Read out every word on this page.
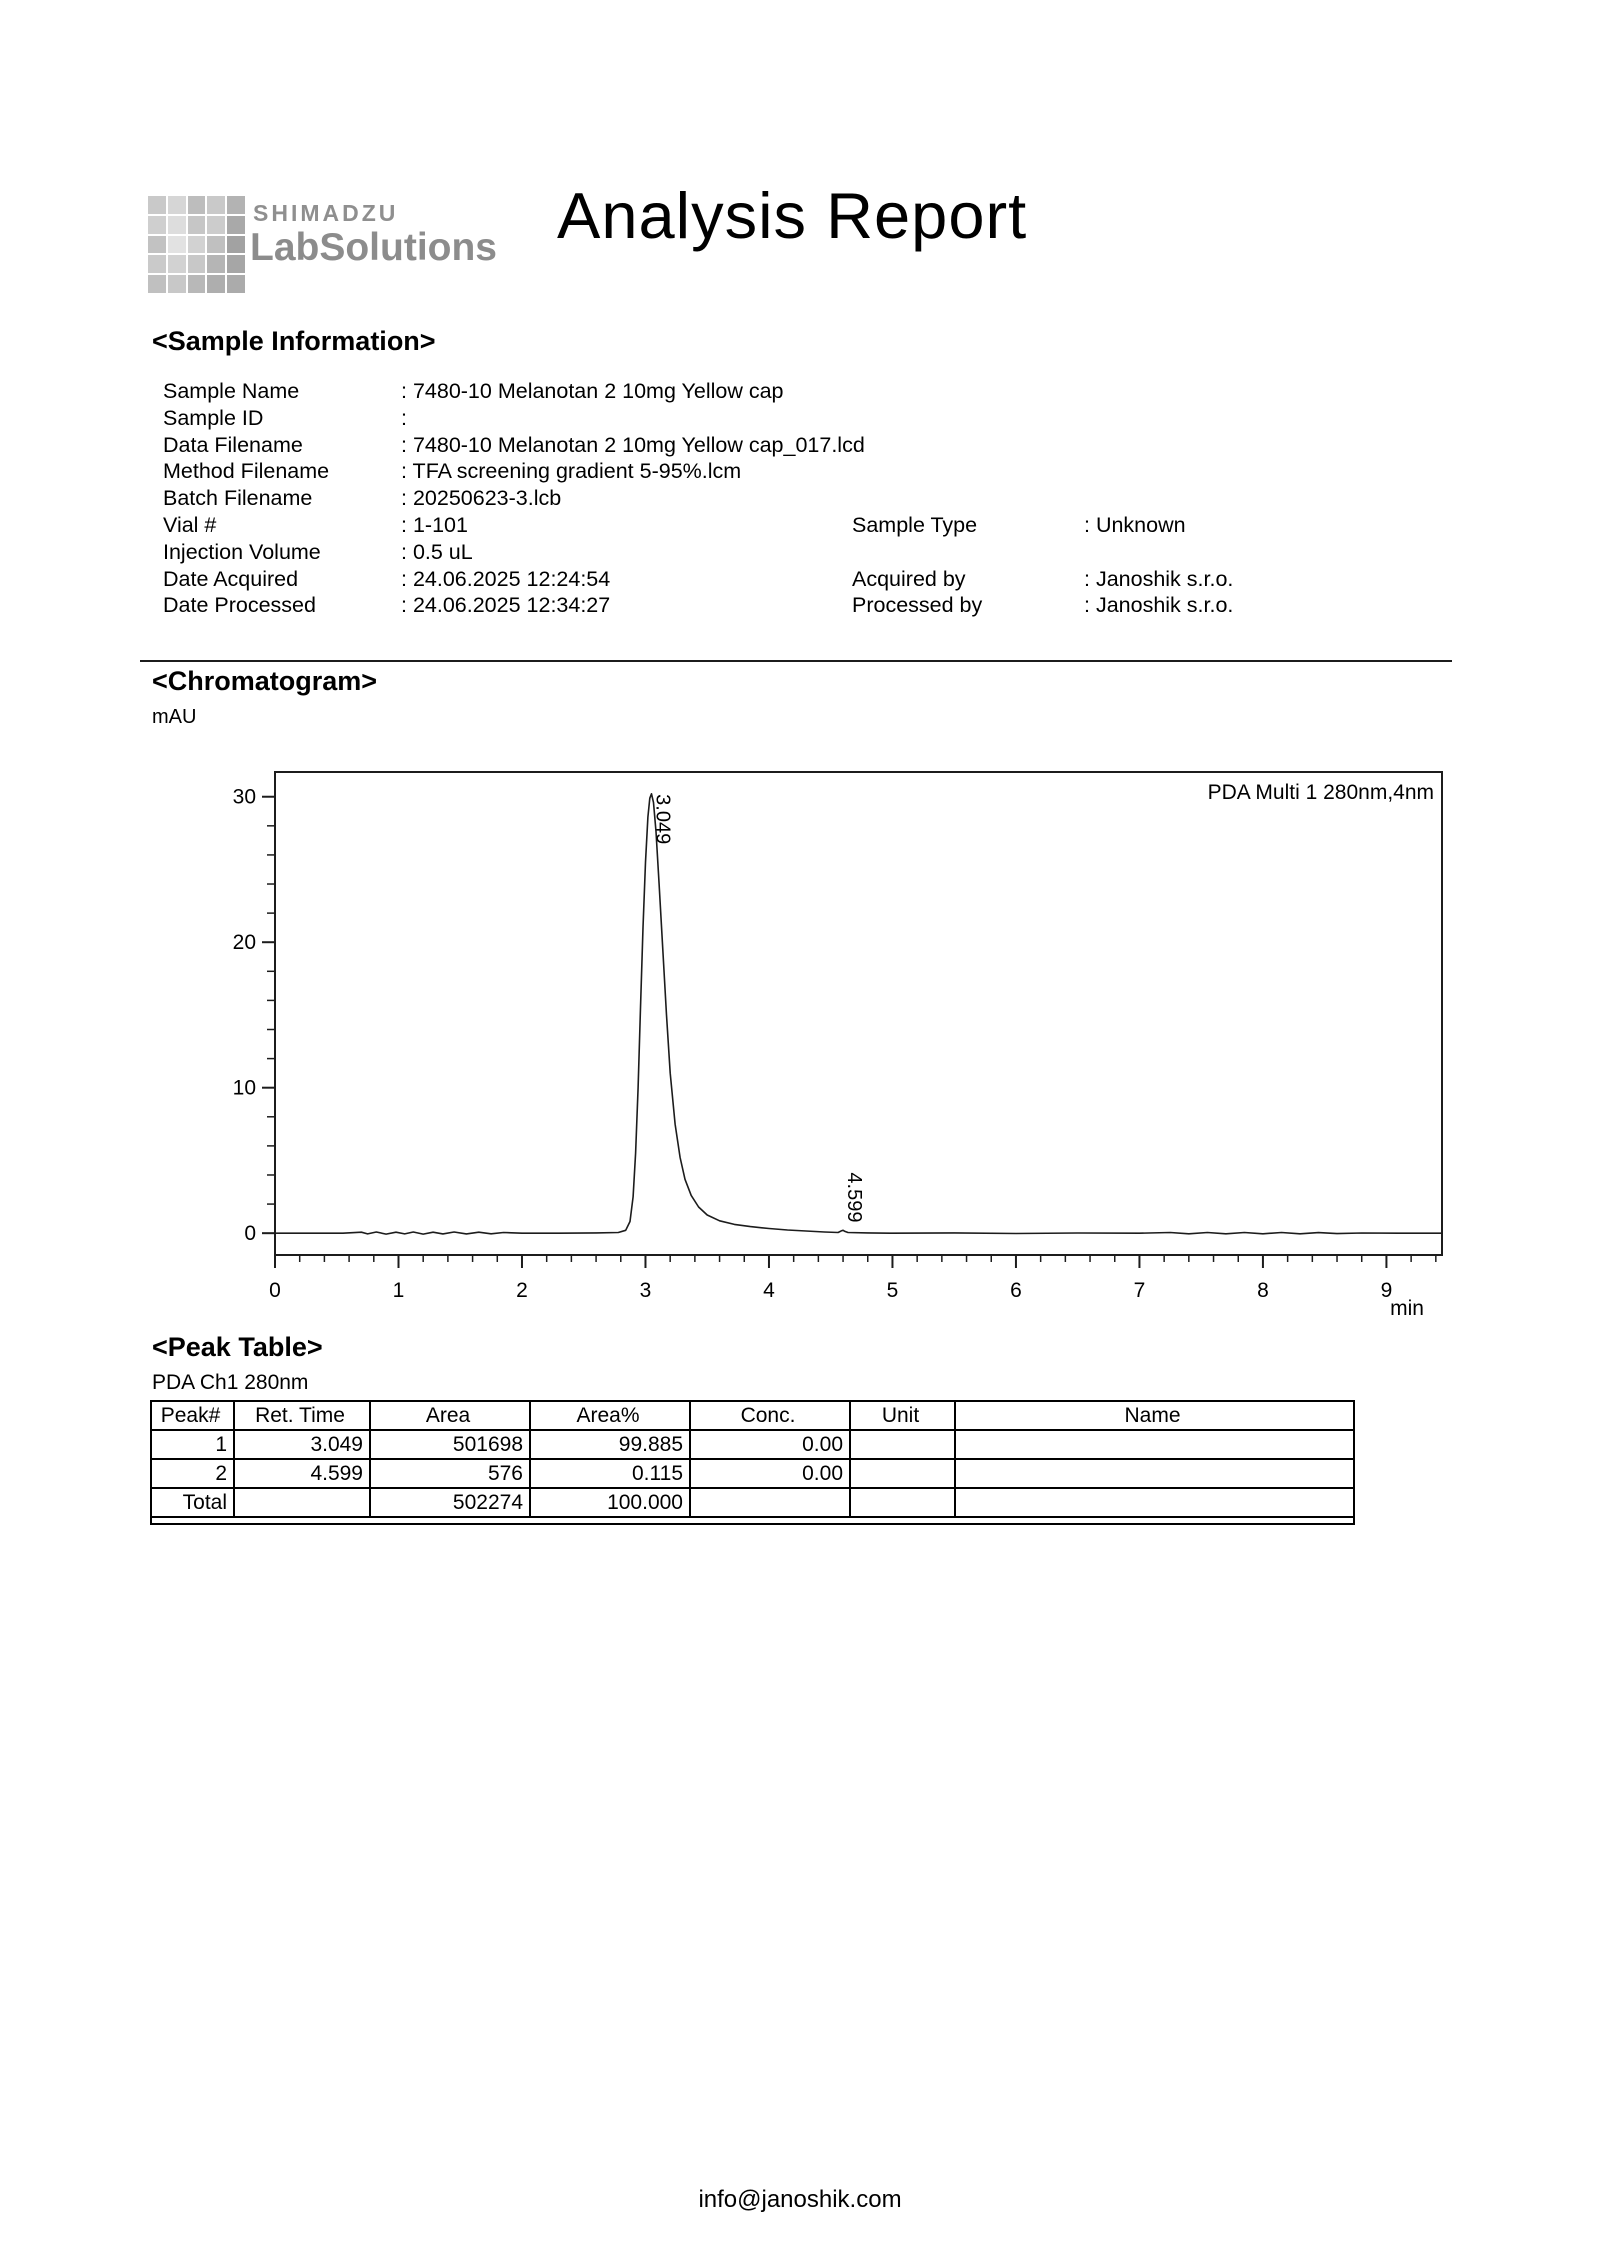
SHIMADZU
LabSolutions Analysis Report
<Sample Information>
Sample Name	: 7480-10 Melanotan 2 10mg Yellow cap
Sample ID	:
Data Filename	: 7480-10 Melanotan 2 10mg Yellow cap_017.lcd
Method Filename	: TFA screening gradient 5-95%.lcm
Batch Filename	: 20250623-3.lcb
Vial #	: 1-101
Injection Volume	: 0.5 uL
Date Acquired	: 24.06.2025 12:24:54
Date Processed	: 24.06.2025 12:34:27
Sample Type	: Unknown
Acquired by	: Janoshik s.r.o.
Processed by	: Janoshik s.r.o.
<Chromatogram>
mAU
0	1	2	3	4	5	6	7	8	9
0
10
20
30
min
PDA Multi 1 280nm,4nm
3.049
4.599
<Peak Table>
PDA Ch1 280nm
Peak#	Ret. Time	Area	Area%	Conc.	Unit	Name
1	3.049	501698	99.885	0.00		
2	4.599	576	0.115	0.00		
Total		502274	100.000			
info@janoshik.com
